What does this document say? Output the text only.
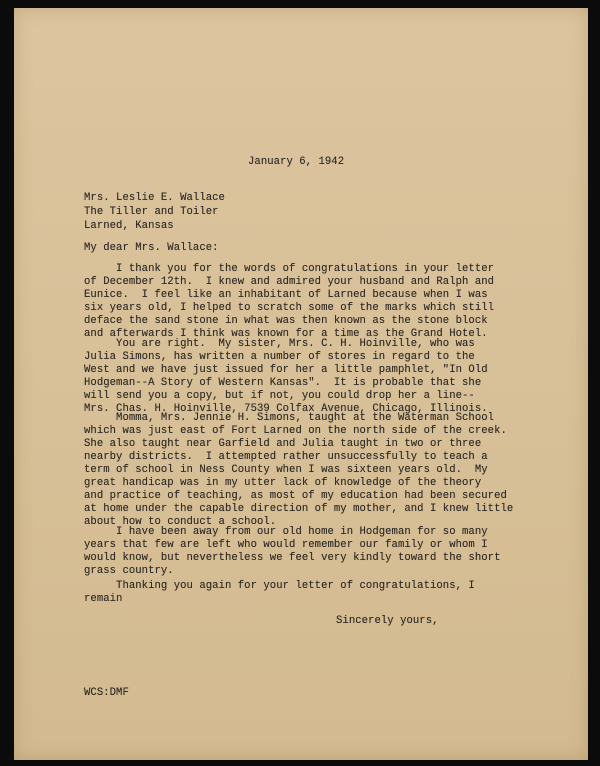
January 6, 1942

Mrs. Leslie E. Wallace

The Tiller and Toiler

Larned, Kansas

My dear Mrs. Wallace:

I thank you for the words of congratulations in your letter

of December 12th.  I knew and admired your husband and Ralph and

Eunice.  I feel like an inhabitant of Larned because when I was

six years old, I helped to scratch some of the marks which still

deface the sand stone in what was then known as the stone block

and afterwards I think was known for a time as the Grand Hotel.

You are right.  My sister, Mrs. C. H. Hoinville, who was

Julia Simons, has written a number of stores in regard to the

West and we have just issued for her a little pamphlet, "In Old

Hodgeman--A Story of Western Kansas".  It is probable that she

will send you a copy, but if not, you could drop her a line--

Mrs. Chas. H. Hoinville, 7539 Colfax Avenue, Chicago, Illinois.

Momma, Mrs. Jennie H. Simons, taught at the Waterman School

which was just east of Fort Larned on the north side of the creek.

She also taught near Garfield and Julia taught in two or three

nearby districts.  I attempted rather unsuccessfully to teach a

term of school in Ness County when I was sixteen years old.  My

great handicap was in my utter lack of knowledge of the theory

and practice of teaching, as most of my education had been secured

at home under the capable direction of my mother, and I knew little

about how to conduct a school.

I have been away from our old home in Hodgeman for so many

years that few are left who would remember our family or whom I

would know, but nevertheless we feel very kindly toward the short

grass country.

Thanking you again for your letter of congratulations, I

remain

Sincerely yours,

WCS:DMF
